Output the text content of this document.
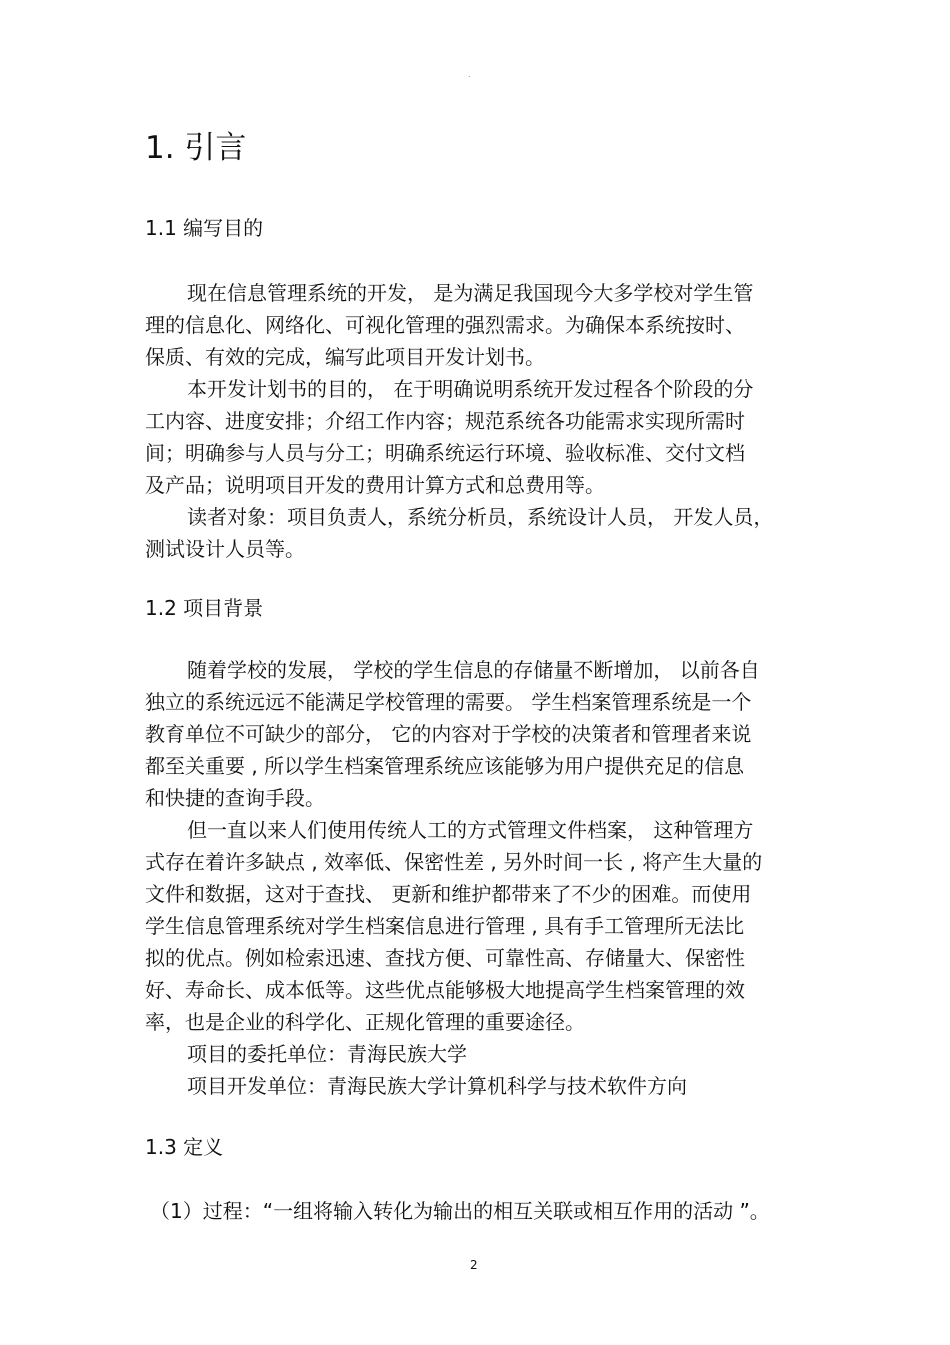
.
1. 引言
1.1 编写目的
现在信息管理系统的开发， 是为满足我国现今大多学校对学生管
理的信息化、网络化、可视化管理的强烈需求。为确保本系统按时、
保质、有效的完成，编写此项目开发计划书。
本开发计划书的目的， 在于明确说明系统开发过程各个阶段的分
工内容、进度安排；介绍工作内容；规范系统各功能需求实现所需时
间；明确参与人员与分工；明确系统运行环境、验收标准、交付文档
及产品；说明项目开发的费用计算方式和总费用等。
读者对象：项目负责人，系统分析员，系统设计人员， 开发人员，
测试设计人员等。
1.2 项目背景
随着学校的发展， 学校的学生信息的存储量不断增加， 以前各自
独立的系统远远不能满足学校管理的需要。 学生档案管理系统是一个
教育单位不可缺少的部分， 它的内容对于学校的决策者和管理者来说
都至关重要 , 所以学生档案管理系统应该能够为用户提供充足的信息
和快捷的查询手段。
但一直以来人们使用传统人工的方式管理文件档案， 这种管理方
式存在着许多缺点 , 效率低、保密性差 , 另外时间一长 , 将产生大量的
文件和数据，这对于查找、 更新和维护都带来了不少的困难。而使用
学生信息管理系统对学生档案信息进行管理 , 具有手工管理所无法比
拟的优点。例如检索迅速、查找方便、可靠性高、存储量大、保密性
好、寿命长、成本低等。这些优点能够极大地提高学生档案管理的效
率，也是企业的科学化、正规化管理的重要途径。
项目的委托单位：青海民族大学
项目开发单位：青海民族大学计算机科学与技术软件方向
1.3 定义
（1）过程：“一组将输入转化为输出的相互关联或相互作用的活动 ”。
2
